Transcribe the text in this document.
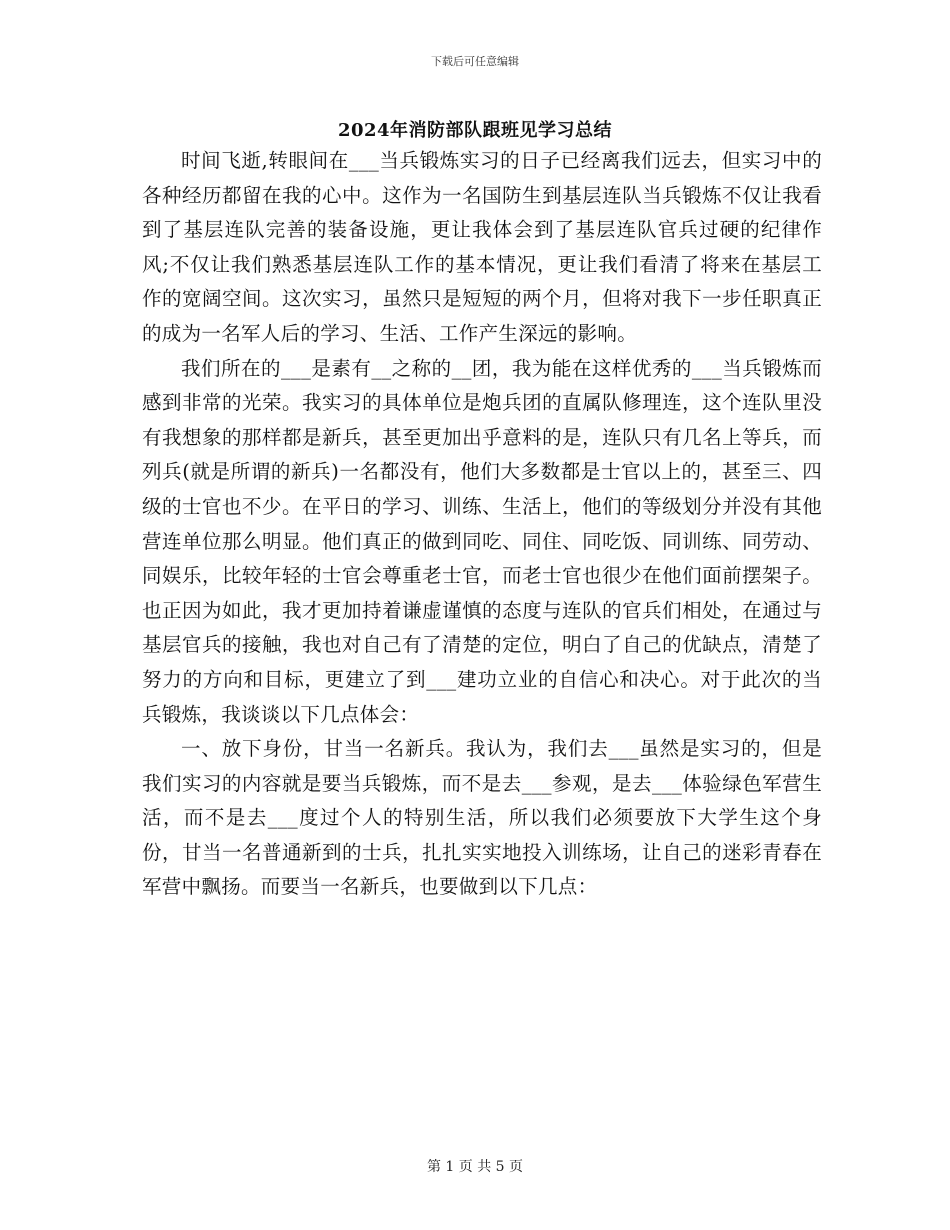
下载后可任意编辑
2024年消防部队跟班见学习总结

时间飞逝,转眼间在___当兵锻炼实习的日子已经离我们远去，但实习中的各种经历都留在我的心中。这作为一名国防生到基层连队当兵锻炼不仅让我看到了基层连队完善的装备设施，更让我体会到了基层连队官兵过硬的纪律作风;不仅让我们熟悉基层连队工作的基本情况，更让我们看清了将来在基层工作的宽阔空间。这次实习，虽然只是短短的两个月，但将对我下一步任职真正的成为一名军人后的学习、生活、工作产生深远的影响。

我们所在的___是素有__之称的__团，我为能在这样优秀的___当兵锻炼而感到非常的光荣。我实习的具体单位是炮兵团的直属队修理连，这个连队里没有我想象的那样都是新兵，甚至更加出乎意料的是，连队只有几名上等兵，而列兵(就是所谓的新兵)一名都没有，他们大多数都是士官以上的，甚至三、四级的士官也不少。在平日的学习、训练、生活上，他们的等级划分并没有其他营连单位那么明显。他们真正的做到同吃、同住、同吃饭、同训练、同劳动、同娱乐，比较年轻的士官会尊重老士官，而老士官也很少在他们面前摆架子。也正因为如此，我才更加持着谦虚谨慎的态度与连队的官兵们相处，在通过与基层官兵的接触，我也对自己有了清楚的定位，明白了自己的优缺点，清楚了努力的方向和目标，更建立了到___建功立业的自信心和决心。对于此次的当兵锻炼，我谈谈以下几点体会：

一、放下身份，甘当一名新兵。我认为，我们去___虽然是实习的，但是我们实习的内容就是要当兵锻炼，而不是去___参观，是去___体验绿色军营生活，而不是去___度过个人的特别生活，所以我们必须要放下大学生这个身份，甘当一名普通新到的士兵，扎扎实实地投入训练场，让自己的迷彩青春在军营中飘扬。而要当一名新兵，也要做到以下几点：

第 1 页 共 5 页
